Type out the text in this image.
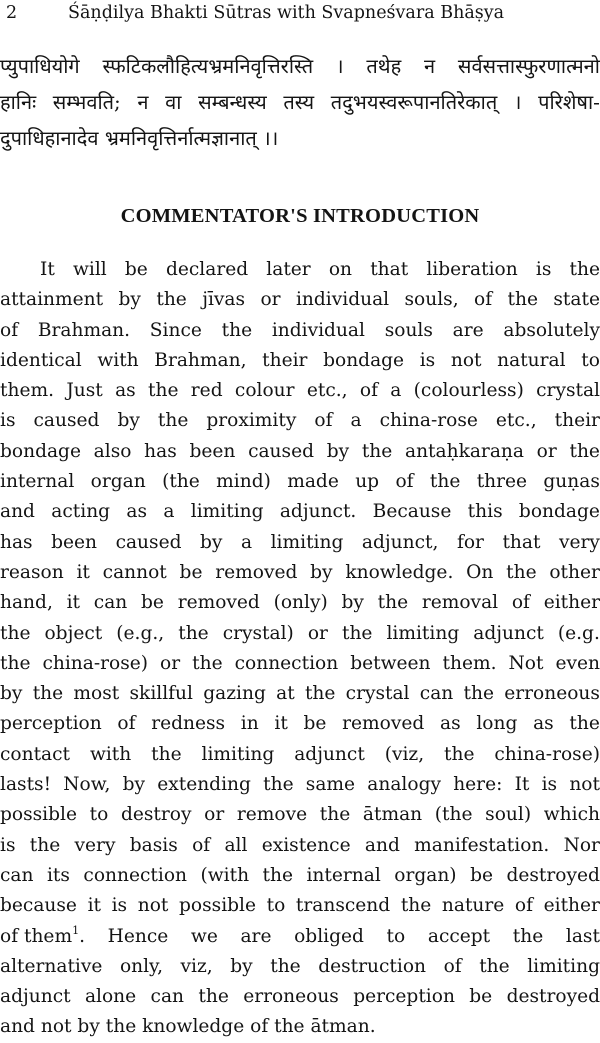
2	Śāṇḍilya Bhakti Sūtras with Svapneśvara Bhāṣya
प्युपाधियोगे स्फटिकलौहित्यभ्रमनिवृत्तिरस्ति । तथेह न सर्वसत्तास्फुरणात्मनो
हानिः सम्भवति; न वा सम्बन्धस्य तस्य तदुभयस्वरूपानतिरेकात् । परिशेषा-
दुपाधिहानादेव भ्रमनिवृत्तिर्नात्मज्ञानात् ।।
COMMENTATOR'S INTRODUCTION
It will be declared later on that liberation is the
attainment by the jīvas or individual souls, of the state
of Brahman. Since the individual souls are absolutely
identical with Brahman, their bondage is not natural to
them. Just as the red colour etc., of a (colourless) crystal
is caused by the proximity of a china-rose etc., their
bondage also has been caused by the antaḥkaraṇa or the
internal organ (the mind) made up of the three guṇas
and acting as a limiting adjunct. Because this bondage
has been caused by a limiting adjunct, for that very
reason it cannot be removed by knowledge. On the other
hand, it can be removed (only) by the removal of either
the object (e.g., the crystal) or the limiting adjunct (e.g.
the china-rose) or the connection between them. Not even
by the most skillful gazing at the crystal can the erroneous
perception of redness in it be removed as long as the
contact with the limiting adjunct (viz, the china-rose)
lasts! Now, by extending the same analogy here: It is not
possible to destroy or remove the ātman (the soul) which
is the very basis of all existence and manifestation. Nor
can its connection (with the internal organ) be destroyed
because it is not possible to transcend the nature of either
of them$^1$. Hence we are obliged to accept the last
alternative only, viz, by the destruction of the limiting
adjunct alone can the erroneous perception be destroyed
and not by the knowledge of the ātman.
